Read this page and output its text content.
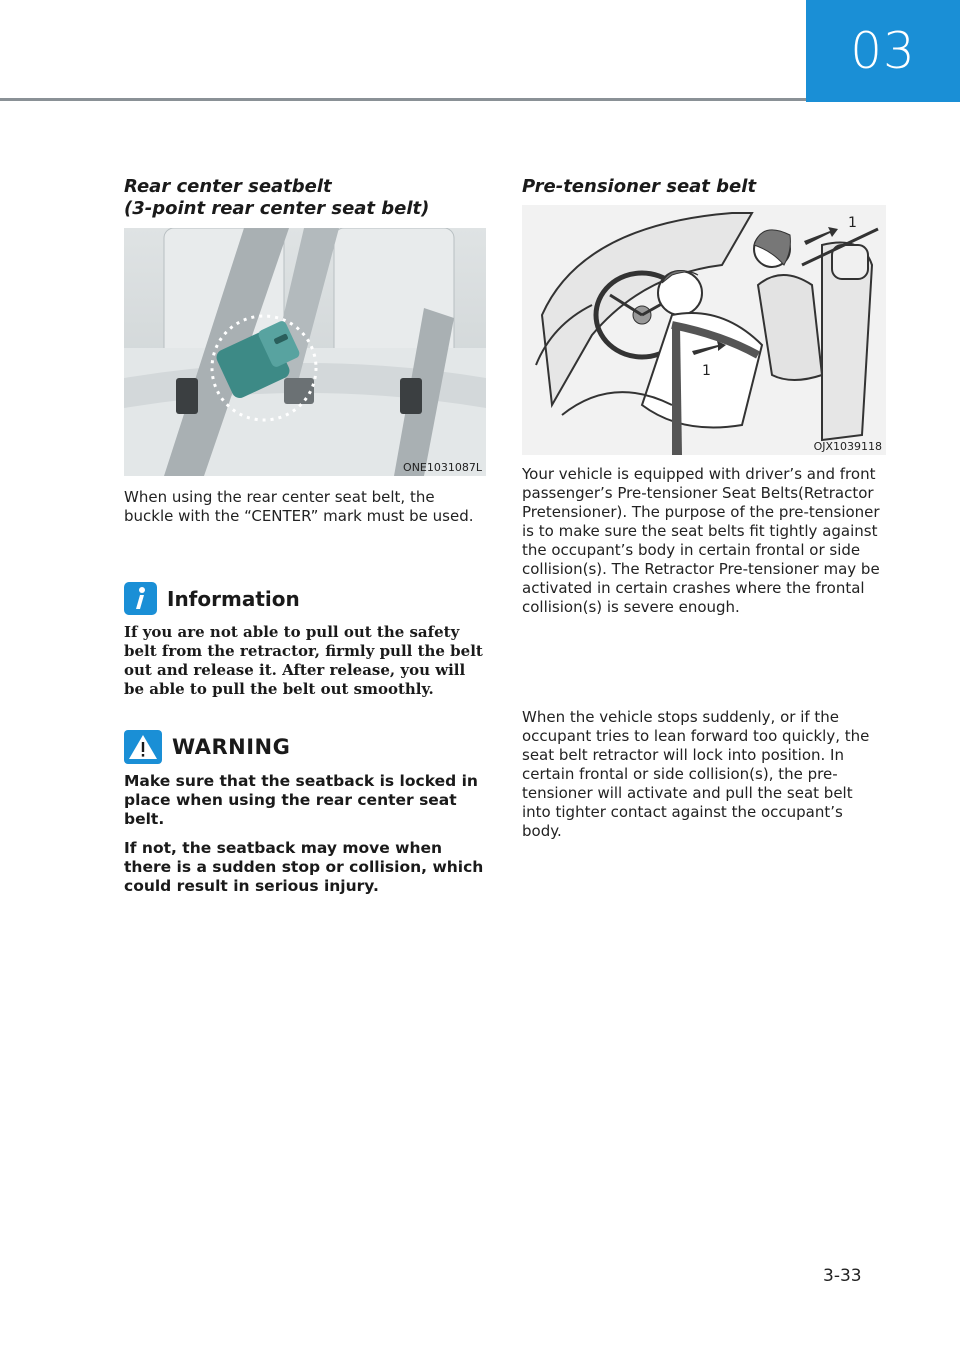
03

Rear center seatbelt

(3-point rear center seat belt)

ONE1031087L

When using the rear center seat belt, the buckle with the “CENTER” mark must be used.

Information

If you are not able to pull out the safety belt from the retractor, firmly pull the belt out and release it. After release, you will be able to pull the belt out smoothly.

WARNING

Make sure that the seatback is locked in place when using the rear center seat belt.

If not, the seatback may move when there is a sudden stop or collision, which could result in serious injury.

Pre-tensioner seat belt

1
1
OJX1039118

Your vehicle is equipped with driver’s and front passenger’s Pre-tensioner Seat Belts(Retractor Pretensioner). The purpose of the pre-tensioner is to make sure the seat belts fit tightly against the occupant’s body in certain frontal or side collision(s). The Retractor Pre-tensioner may be activated in certain crashes where the frontal collision(s) is severe enough.

When the vehicle stops suddenly, or if the occupant tries to lean forward too quickly, the seat belt retractor will lock into position. In certain frontal or side collision(s), the pre-tensioner will activate and pull the seat belt into tighter contact against the occupant’s body.

3-33
